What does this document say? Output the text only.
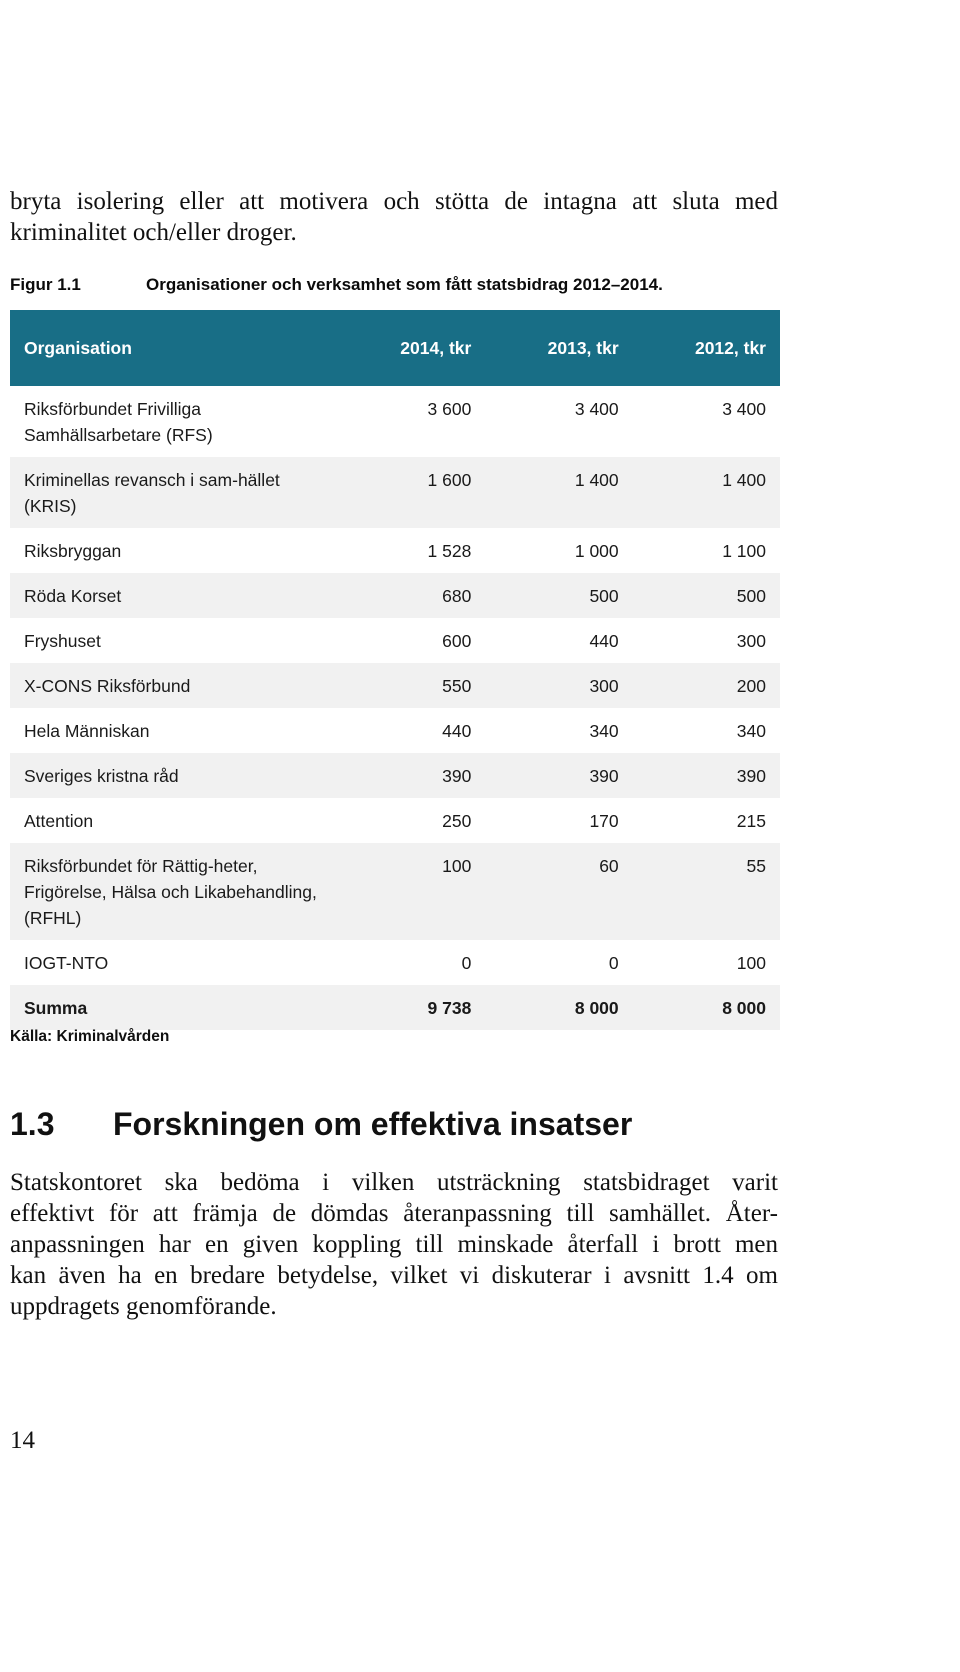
bryta isolering eller att motivera och stötta de intagna att sluta med
kriminalitet och/eller droger.
Figur 1.1	Organisationer och verksamhet som fått statsbidrag 2012–2014.
Organisation	2014, tkr	2013, tkr	2012, tkr
Riksförbundet Frivilliga Samhällsarbetare (RFS)	3 600	3 400	3 400
Kriminellas revansch i sam-hället (KRIS)	1 600	1 400	1 400
Riksbryggan	1 528	1 000	1 100
Röda Korset	680	500	500
Fryshuset	600	440	300
X-CONS Riksförbund	550	300	200
Hela Människan	440	340	340
Sveriges kristna råd	390	390	390
Attention	250	170	215
Riksförbundet för Rättig-heter, Frigörelse, Hälsa och Likabehandling, (RFHL)	100	60	55
IOGT-NTO	0	0	100
Summa	9 738	8 000	8 000
Källa: Kriminalvården
1.3 Forskningen om effektiva insatser
Statskontoret ska bedöma i vilken utsträckning statsbidraget varit
effektivt för att främja de dömdas återanpassning till samhället. Åter-
anpassningen har en given koppling till minskade återfall i brott men
kan även ha en bredare betydelse, vilket vi diskuterar i avsnitt 1.4 om
uppdragets genomförande.
14
